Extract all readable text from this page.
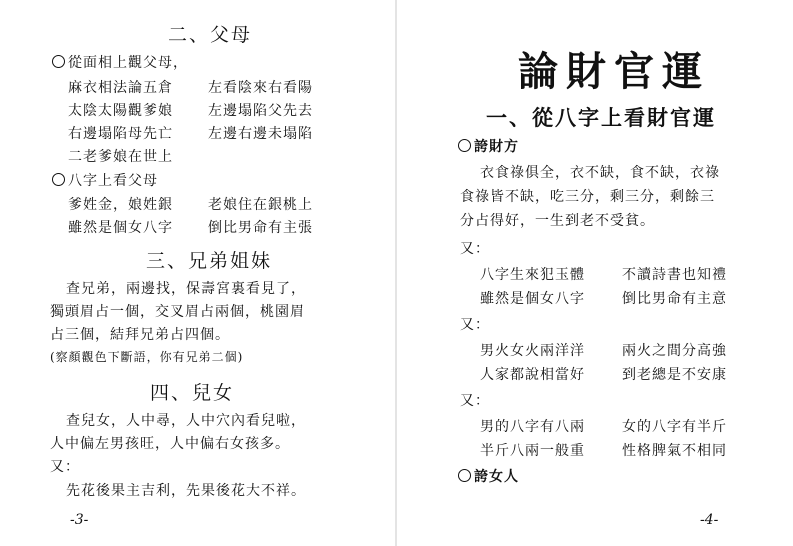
二、父母
從面相上觀父母，
麻衣相法論五倉	左看陰來右看陽
太陰太陽觀爹娘	左邊塌陷父先去
右邊塌陷母先亡	左邊右邊未塌陷
二老爹娘在世上
八字上看父母
爹姓金，娘姓銀	老娘住在銀桃上
雖然是個女八字	倒比男命有主張
三、兄弟姐妹
查兄弟，兩邊找，保壽宮裏看見了，
獨頭眉占一個，交叉眉占兩個，桃園眉
占三個，結拜兄弟占四個。
(察顏觀色下斷語，你有兄弟二個)
四、兒女
查兒女，人中尋，人中穴內看兒啦，
人中偏左男孩旺，人中偏右女孩多。
又：
先花後果主吉利，先果後花大不祥。
-3-
論財官運
一、從八字上看財官運
誇財方
衣食祿俱全，衣不缺，食不缺，衣祿
食祿皆不缺，吃三分，剩三分，剩餘三
分占得好，一生到老不受貧。
又：
八字生來犯玉體	不讀詩書也知禮
雖然是個女八字	倒比男命有主意
又：
男火女火兩洋洋	兩火之間分高強
人家都說相當好	到老總是不安康
又：
男的八字有八兩	女的八字有半斤
半斤八兩一般重	性格脾氣不相同
誇女人
-4-
